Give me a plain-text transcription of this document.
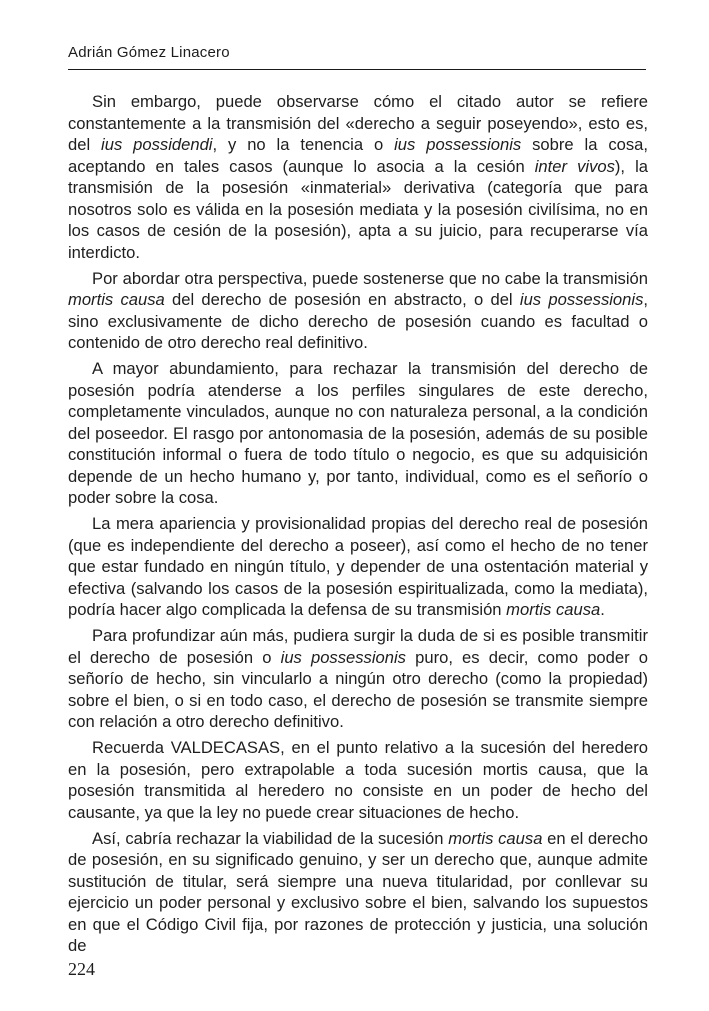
Adrián Gómez Linacero

Sin embargo, puede observarse cómo el citado autor se refiere constantemente a la transmisión del «derecho a seguir poseyendo», esto es, del ius possidendi, y no la tenencia o ius possessionis sobre la cosa, aceptando en tales casos (aunque lo asocia a la cesión inter vivos), la transmisión de la posesión «inmaterial» derivativa (categoría que para nosotros solo es válida en la posesión mediata y la posesión civilísima, no en los casos de cesión de la posesión), apta a su juicio, para recuperarse vía interdicto.

Por abordar otra perspectiva, puede sostenerse que no cabe la transmisión mortis causa del derecho de posesión en abstracto, o del ius possessionis, sino exclusivamente de dicho derecho de posesión cuando es facultad o contenido de otro derecho real definitivo.

A mayor abundamiento, para rechazar la transmisión del derecho de posesión podría atenderse a los perfiles singulares de este derecho, completamente vinculados, aunque no con naturaleza personal, a la condición del poseedor. El rasgo por antonomasia de la posesión, además de su posible constitución informal o fuera de todo título o negocio, es que su adquisición depende de un hecho humano y, por tanto, individual, como es el señorío o poder sobre la cosa.

La mera apariencia y provisionalidad propias del derecho real de posesión (que es independiente del derecho a poseer), así como el hecho de no tener que estar fundado en ningún título, y depender de una ostentación material y efectiva (salvando los casos de la posesión espiritualizada, como la mediata), podría hacer algo complicada la defensa de su transmisión mortis causa.

Para profundizar aún más, pudiera surgir la duda de si es posible transmitir el derecho de posesión o ius possessionis puro, es decir, como poder o señorío de hecho, sin vincularlo a ningún otro derecho (como la propiedad) sobre el bien, o si en todo caso, el derecho de posesión se transmite siempre con relación a otro derecho definitivo.

Recuerda VALDECASAS, en el punto relativo a la sucesión del heredero en la posesión, pero extrapolable a toda sucesión mortis causa, que la posesión transmitida al heredero no consiste en un poder de hecho del causante, ya que la ley no puede crear situaciones de hecho.

Así, cabría rechazar la viabilidad de la sucesión mortis causa en el derecho de posesión, en su significado genuino, y ser un derecho que, aunque admite sustitución de titular, será siempre una nueva titularidad, por conllevar su ejercicio un poder personal y exclusivo sobre el bien, salvando los supuestos en que el Código Civil fija, por razones de protección y justicia, una solución de

224
